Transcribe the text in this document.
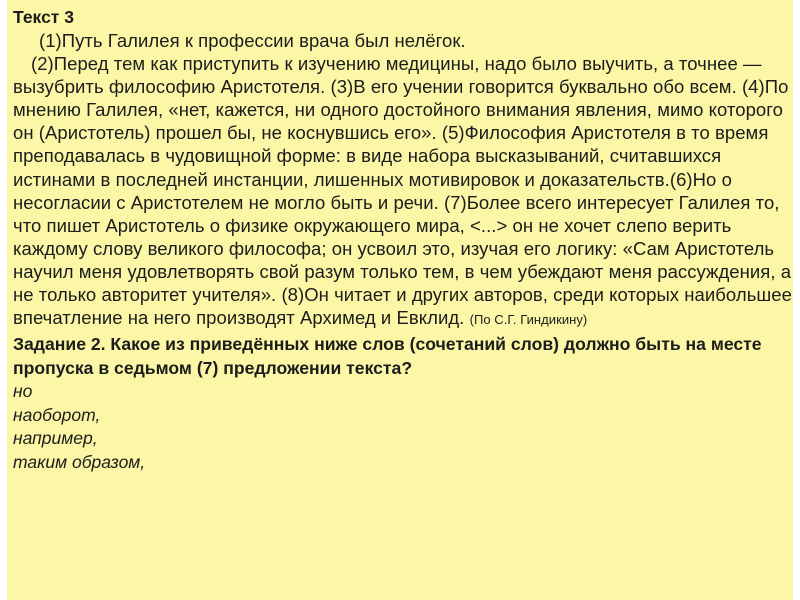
Текст 3

(1)Путь Галилея к профессии врача был нелёгок.

(2)Перед тем как приступить к изучению медицины, надо было выучить, а точнее — вызубрить философию Аристотеля. (3)В его учении говорится буквально обо всем. (4)По мнению Галилея, «нет, кажется, ни одного достойного внимания явления, мимо которого он (Аристотель) прошел бы, не коснувшись его». (5)Философия Аристотеля в то время преподавалась в чудовищной форме: в виде набора высказываний, считавшихся истинами в последней инстанции, лишенных мотивировок и доказательств.(6)Но о несогласии с Аристотелем не могло быть и речи. (7)Более всего интересует Галилея то, что пишет Аристотель о физике окружающего мира, <...> он не хочет слепо верить каждому слову великого философа; он усвоил это, изучая его логику: «Сам Аристотель научил меня удовлетворять свой разум только тем, в чем убеждают меня рассуждения, а не только авторитет учителя». (8)Он читает и других авторов, среди которых наибольшее впечатление на него производят Архимед и Евклид. (По С.Г. Гиндикину)

Задание 2. Какое из приведённых ниже слов (сочетаний слов) должно быть на месте пропуска в седьмом (7) предложении текста?
но
наоборот,
например,
таким образом,
